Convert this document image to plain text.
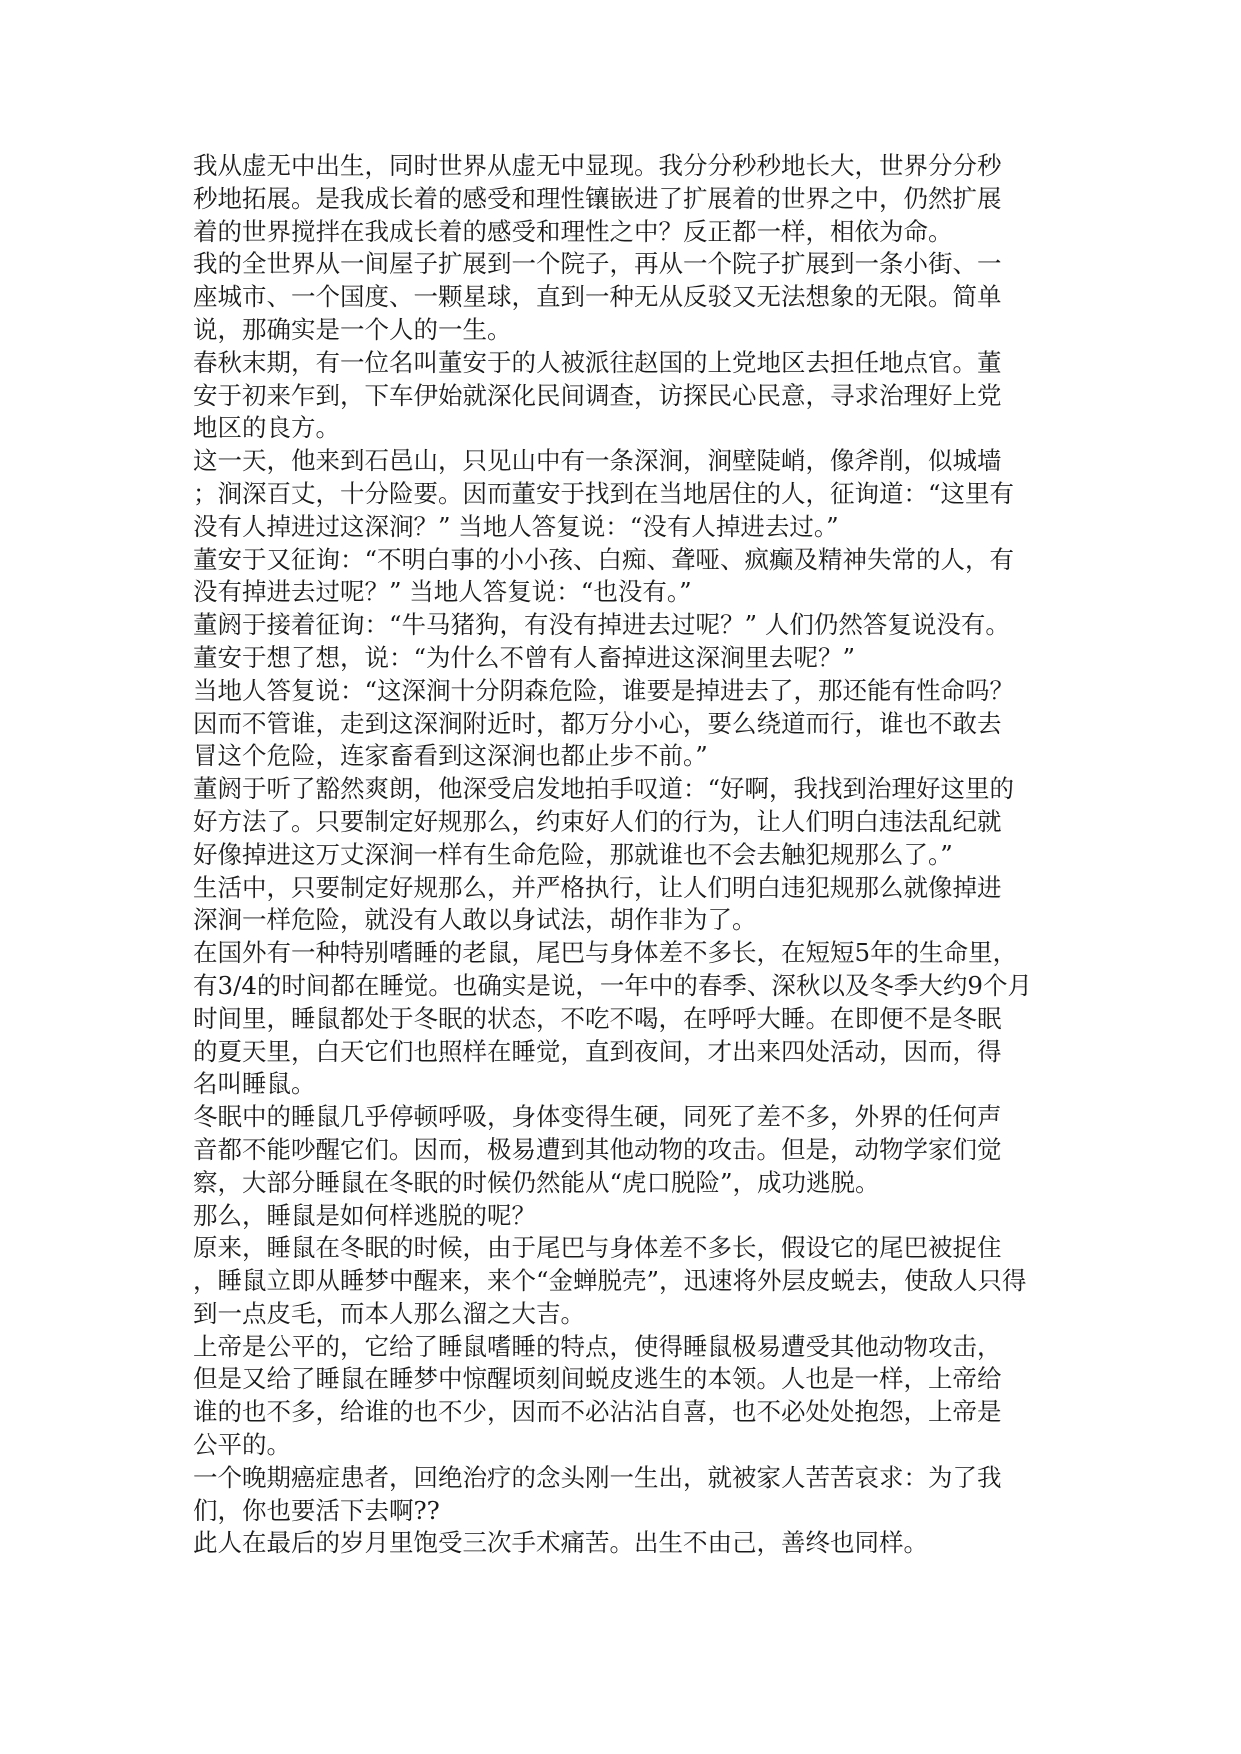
我从虚无中出生，同时世界从虚无中显现。我分分秒秒地长大，世界分分秒
秒地拓展。是我成长着的感受和理性镶嵌进了扩展着的世界之中，仍然扩展
着的世界搅拌在我成长着的感受和理性之中？反正都一样，相依为命。

我的全世界从一间屋子扩展到一个院子，再从一个院子扩展到一条小街、一
座城市、一个国度、一颗星球，直到一种无从反驳又无法想象的无限。简单
说，那确实是一个人的一生。

春秋末期，有一位名叫董安于的人被派往赵国的上党地区去担任地点官。董
安于初来乍到，下车伊始就深化民间调查，访探民心民意，寻求治理好上党
地区的良方。

这一天，他来到石邑山，只见山中有一条深涧，涧壁陡峭，像斧削，似城墙
；涧深百丈，十分险要。因而董安于找到在当地居住的人，征询道：“这里有
没有人掉进过这深涧？” 当地人答复说：“没有人掉进去过。”

董安于又征询：“不明白事的小小孩、白痴、聋哑、疯癫及精神失常的人，有
没有掉进去过呢？” 当地人答复说：“也没有。”

董阏于接着征询：“牛马猪狗，有没有掉进去过呢？” 人们仍然答复说没有。

董安于想了想，说：“为什么不曾有人畜掉进这深涧里去呢？”

当地人答复说：“这深涧十分阴森危险，谁要是掉进去了，那还能有性命吗？
因而不管谁，走到这深涧附近时，都万分小心，要么绕道而行，谁也不敢去
冒这个危险，连家畜看到这深涧也都止步不前。”

董阏于听了豁然爽朗，他深受启发地拍手叹道：“好啊，我找到治理好这里的
好方法了。只要制定好规那么，约束好人们的行为，让人们明白违法乱纪就
好像掉进这万丈深涧一样有生命危险，那就谁也不会去触犯规那么了。”

生活中，只要制定好规那么，并严格执行，让人们明白违犯规那么就像掉进
深涧一样危险，就没有人敢以身试法，胡作非为了。

在国外有一种特别嗜睡的老鼠，尾巴与身体差不多长，在短短5年的生命里，
有3/4的时间都在睡觉。也确实是说，一年中的春季、深秋以及冬季大约9个月
时间里，睡鼠都处于冬眠的状态，不吃不喝，在呼呼大睡。在即便不是冬眠
的夏天里，白天它们也照样在睡觉，直到夜间，才出来四处活动，因而，得
名叫睡鼠。

冬眠中的睡鼠几乎停顿呼吸，身体变得生硬，同死了差不多，外界的任何声
音都不能吵醒它们。因而，极易遭到其他动物的攻击。但是，动物学家们觉
察，大部分睡鼠在冬眠的时候仍然能从“虎口脱险”，成功逃脱。

那么，睡鼠是如何样逃脱的呢？

原来，睡鼠在冬眠的时候，由于尾巴与身体差不多长，假设它的尾巴被捉住
，睡鼠立即从睡梦中醒来，来个“金蝉脱壳”，迅速将外层皮蜕去，使敌人只得
到一点皮毛，而本人那么溜之大吉。

上帝是公平的，它给了睡鼠嗜睡的特点，使得睡鼠极易遭受其他动物攻击，
但是又给了睡鼠在睡梦中惊醒顷刻间蜕皮逃生的本领。人也是一样，上帝给
谁的也不多，给谁的也不少，因而不必沾沾自喜，也不必处处抱怨，上帝是
公平的。

一个晚期癌症患者，回绝治疗的念头刚一生出，就被家人苦苦哀求：为了我
们，你也要活下去啊??

此人在最后的岁月里饱受三次手术痛苦。出生不由己，善终也同样。
